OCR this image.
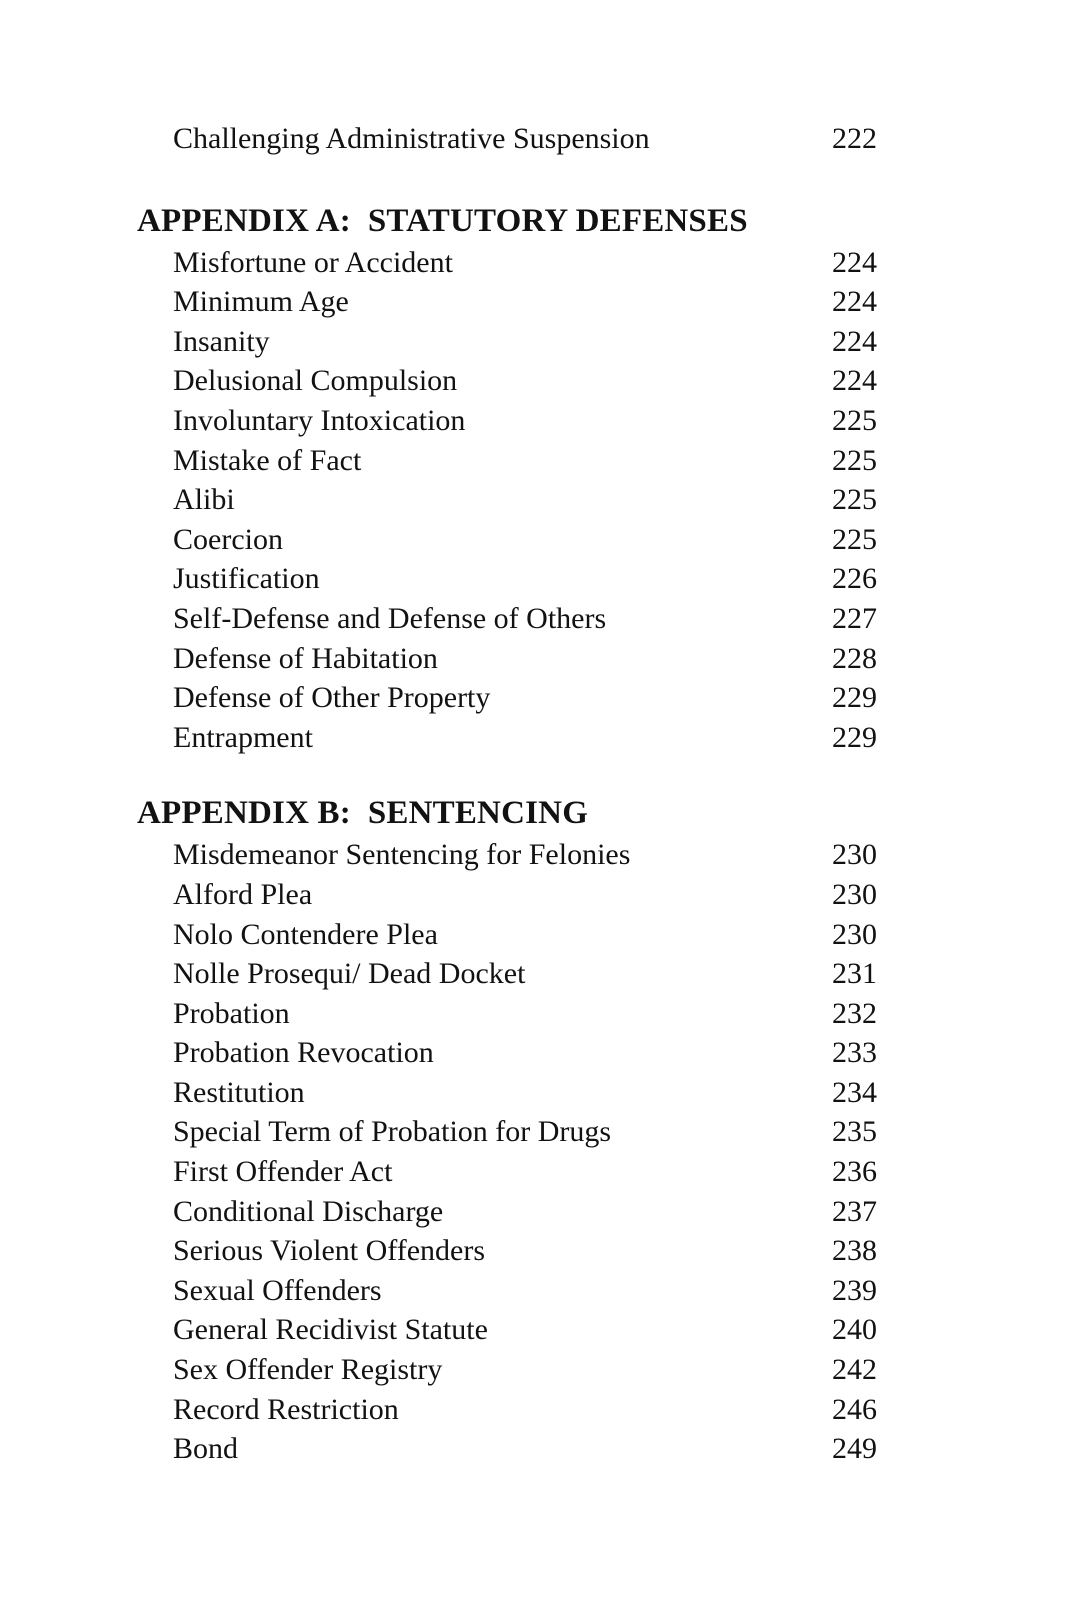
Challenging Administrative Suspension	222
APPENDIX A:  STATUTORY DEFENSES
Misfortune or Accident	224
Minimum Age	224
Insanity	224
Delusional Compulsion	224
Involuntary Intoxication	225
Mistake of Fact	225
Alibi	225
Coercion	225
Justification	226
Self-Defense and Defense of Others	227
Defense of Habitation	228
Defense of Other Property	229
Entrapment	229
APPENDIX B:  SENTENCING
Misdemeanor Sentencing for Felonies	230
Alford Plea	230
Nolo Contendere Plea	230
Nolle Prosequi/ Dead Docket	231
Probation	232
Probation Revocation	233
Restitution	234
Special Term of Probation for Drugs	235
First Offender Act	236
Conditional Discharge	237
Serious Violent Offenders	238
Sexual Offenders	239
General Recidivist Statute	240
Sex Offender Registry	242
Record Restriction	246
Bond	249
